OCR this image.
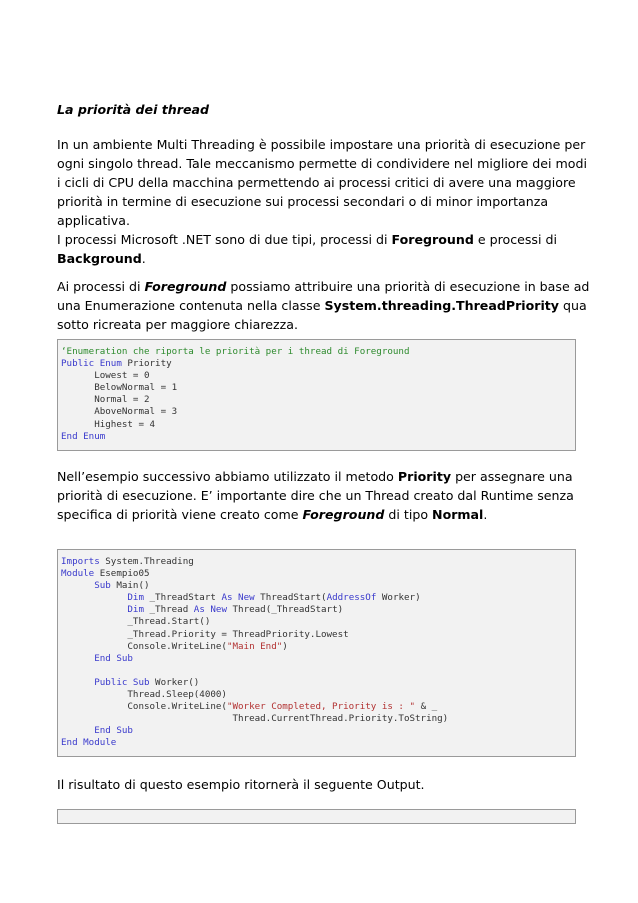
La priorità dei thread
In un ambiente Multi Threading è possibile impostare una priorità di esecuzione per ogni singolo thread. Tale meccanismo permette di condividere nel migliore dei modi i cicli di CPU della macchina permettendo ai processi critici di avere una maggiore priorità in termine di esecuzione sui processi secondari o di minor importanza applicativa.
I processi Microsoft .NET sono di due tipi, processi di Foreground e processi di Background.
Ai processi di Foreground possiamo attribuire una priorità di esecuzione in base ad una Enumerazione contenuta nella classe System.threading.ThreadPriority qua sotto ricreata per maggiore chiarezza.
‘Enumeration che riporta le priorità per i thread di Foreground
Public Enum Priority
Lowest = 0
BelowNormal = 1
Normal = 2
AboveNormal = 3
Highest = 4
End Enum
Nell’esempio successivo abbiamo utilizzato il metodo Priority per assegnare una priorità di esecuzione. E’ importante dire che un Thread creato dal Runtime senza specifica di priorità viene creato come Foreground di tipo Normal.
Imports System.Threading
Module Esempio05
Sub Main()
Dim _ThreadStart As New ThreadStart(AddressOf Worker)
Dim _Thread As New Thread(_ThreadStart)
_Thread.Start()
_Thread.Priority = ThreadPriority.Lowest
Console.WriteLine("Main End")
End Sub

Public Sub Worker()
Thread.Sleep(4000)
Console.WriteLine("Worker Completed, Priority is : " & _
Thread.CurrentThread.Priority.ToString)
End Sub
End Module
Il risultato di questo esempio ritornerà il seguente Output.
